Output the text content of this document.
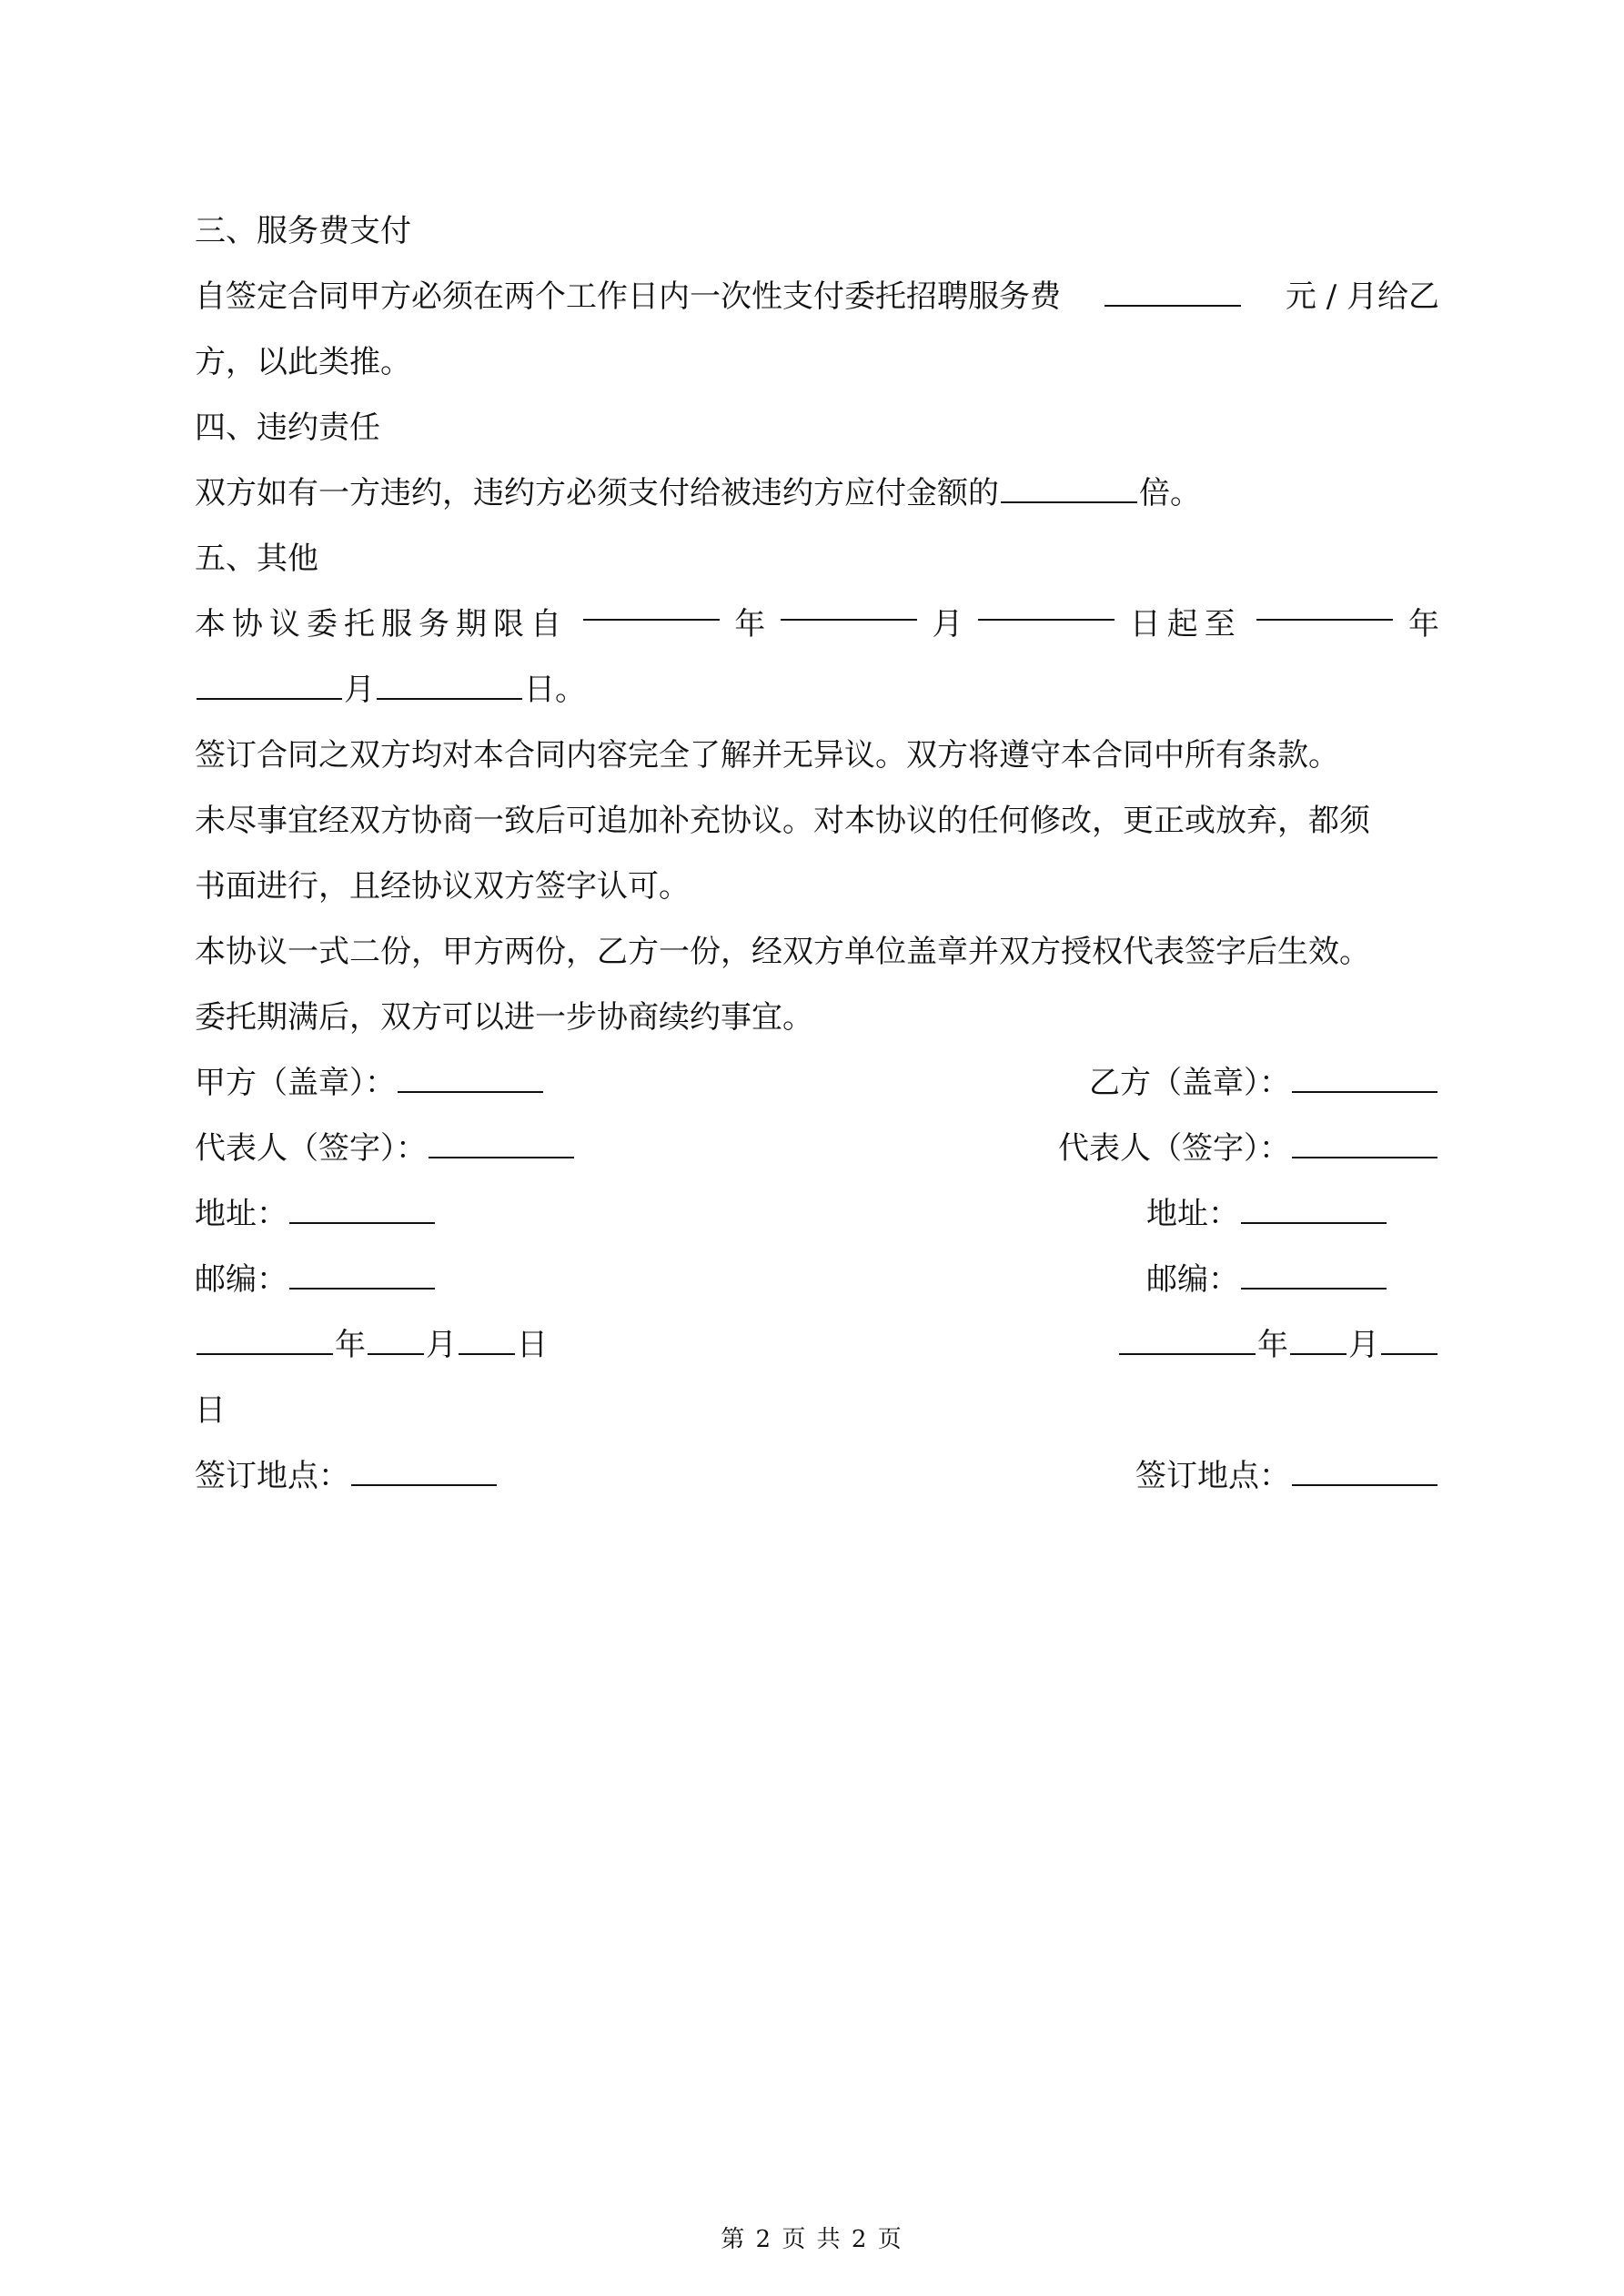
三、服务费支付

自签定合同甲方必须在两个工作日内一次性支付委托招聘服务费	元 / 月给乙

方，以此类推。

四、违约责任

双方如有一方违约，违约方必须支付给被违约方应付金额的	倍。

五、其他

本协议委托服务期限自	年	月	日起至	年

月	日。

签订合同之双方均对本合同内容完全了解并无异议。双方将遵守本合同中所有条款。

未尽事宜经双方协商一致后可追加补充协议。对本协议的任何修改，更正或放弃，都须

书面进行，且经协议双方签字认可。

本协议一式二份，甲方两份，乙方一份，经双方单位盖章并双方授权代表签字后生效。

委托期满后，双方可以进一步协商续约事宜。

甲方（盖章）：	乙方（盖章）：
代表人（签字）：	代表人（签字）：
地址：	地址：
邮编：	邮编：
年 月 日	年 月

日

签订地点：	签订地点：
第 2 页 共 2 页
